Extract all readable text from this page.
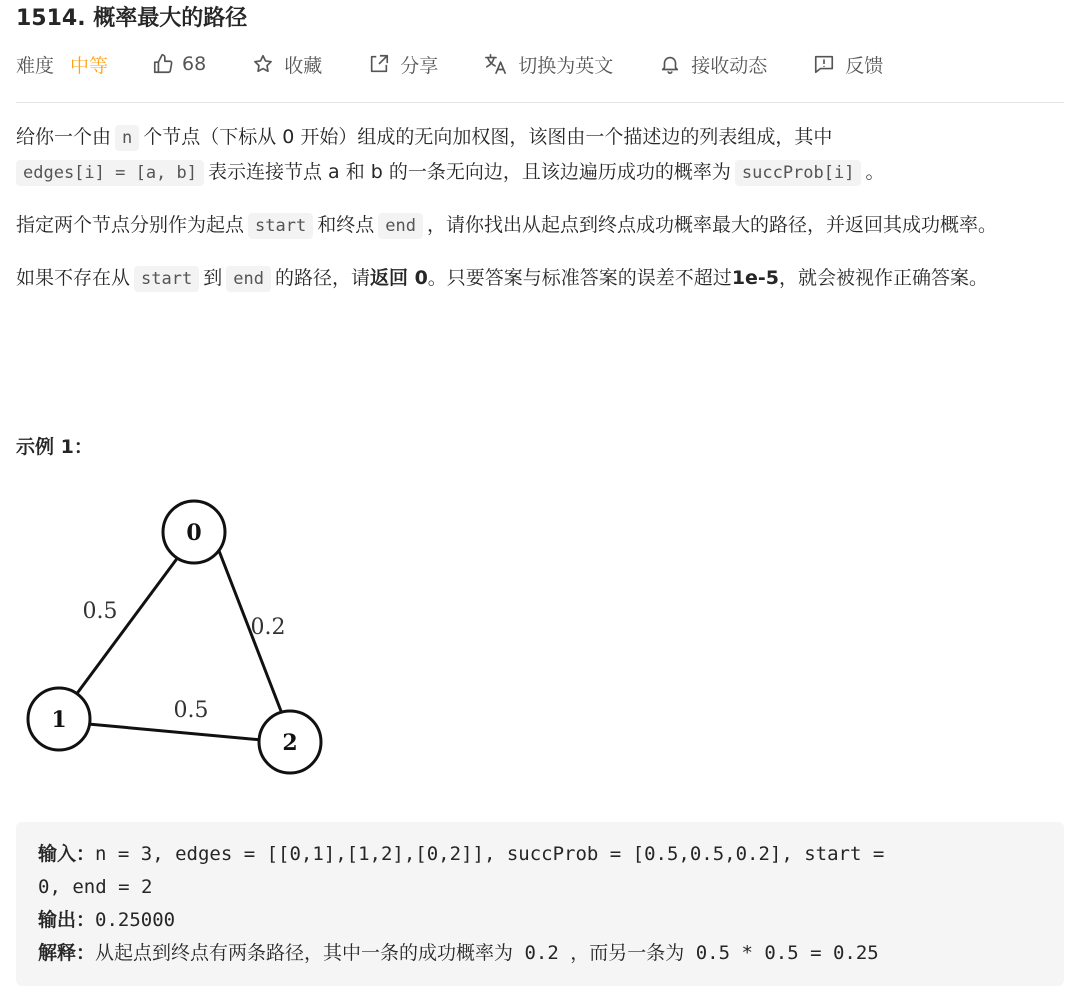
1514. 概率最大的路径
难度 中等	68	收藏	分享	切换为英文	接收动态	反馈

给你一个由 n 个节点（下标从 0 开始）组成的无向加权图，该图由一个描述边的列表组成，其中
edges[i] = [a, b] 表示连接节点 a 和 b 的一条无向边，且该边遍历成功的概率为 succProb[i] 。

指定两个节点分别作为起点 start 和终点 end ，请你找出从起点到终点成功概率最大的路径，并返回其成功概率。

如果不存在从 start 到 end 的路径，请返回 0。只要答案与标准答案的误差不超过1e-5，就会被视作正确答案。

示例 1：
0.5
0.2
0.5
0
1
2
输入：n = 3, edges = [[0,1],[1,2],[0,2]], succProb = [0.5,0.5,0.2], start =
0, end = 2
输出：0.25000
解释：从起点到终点有两条路径，其中一条的成功概率为 0.2 ，而另一条为 0.5 * 0.5 = 0.25
